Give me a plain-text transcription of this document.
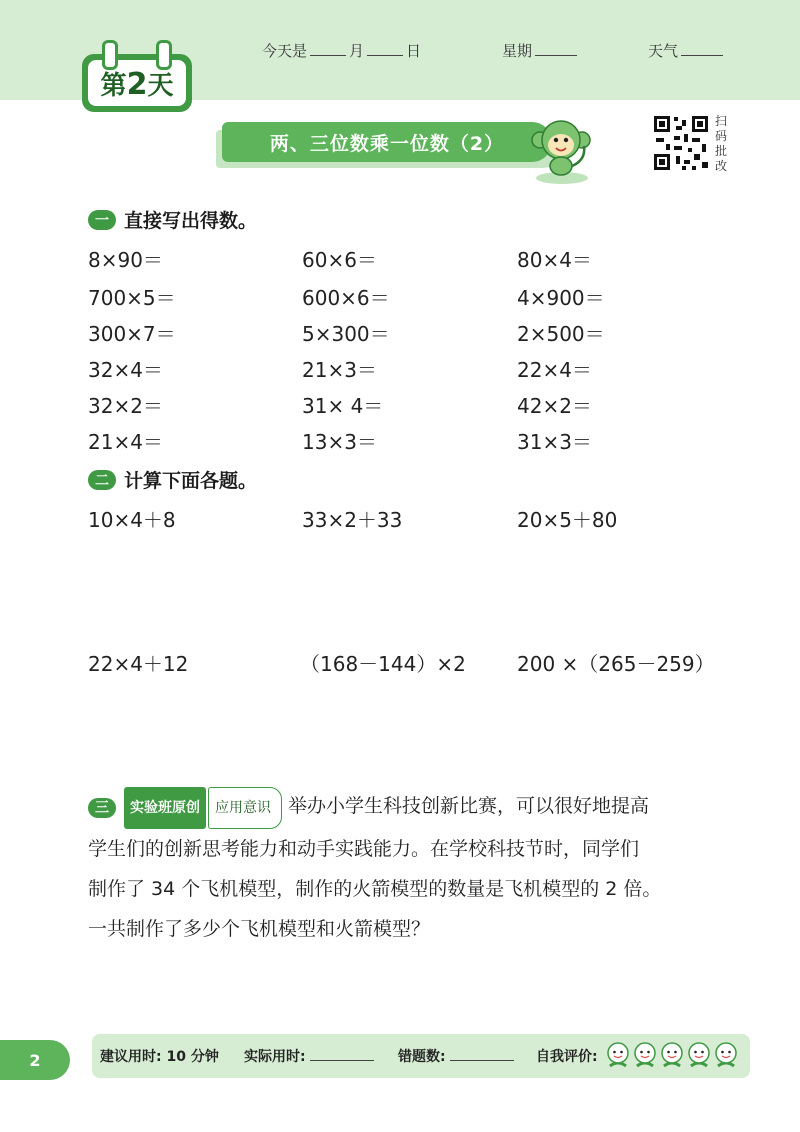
第2天
今天是	月	日	星期	天气
两、三位数乘一位数（2）
扫
码
批
改
一 直接写出得数。
8×90＝	60×6＝	80×4＝
700×5＝	600×6＝	4×900＝
300×7＝	5×300＝	2×500＝
32×4＝	21×3＝	22×4＝
32×2＝	31× 4＝	42×2＝
21×4＝	13×3＝	31×3＝
二 计算下面各题。
10×4＋8	33×2＋33	20×5＋80
22×4＋12	（168－144）×2	200 ×（265－259）
三 实验班原创 应用意识 举办小学生科技创新比赛，可以很好地提高
学生们的创新思考能力和动手实践能力。在学校科技节时，同学们
制作了 34 个飞机模型，制作的火箭模型的数量是飞机模型的 2 倍。
一共制作了多少个飞机模型和火箭模型？
2	建议用时: 10 分钟 实际用时:	错题数:	自我评价:
